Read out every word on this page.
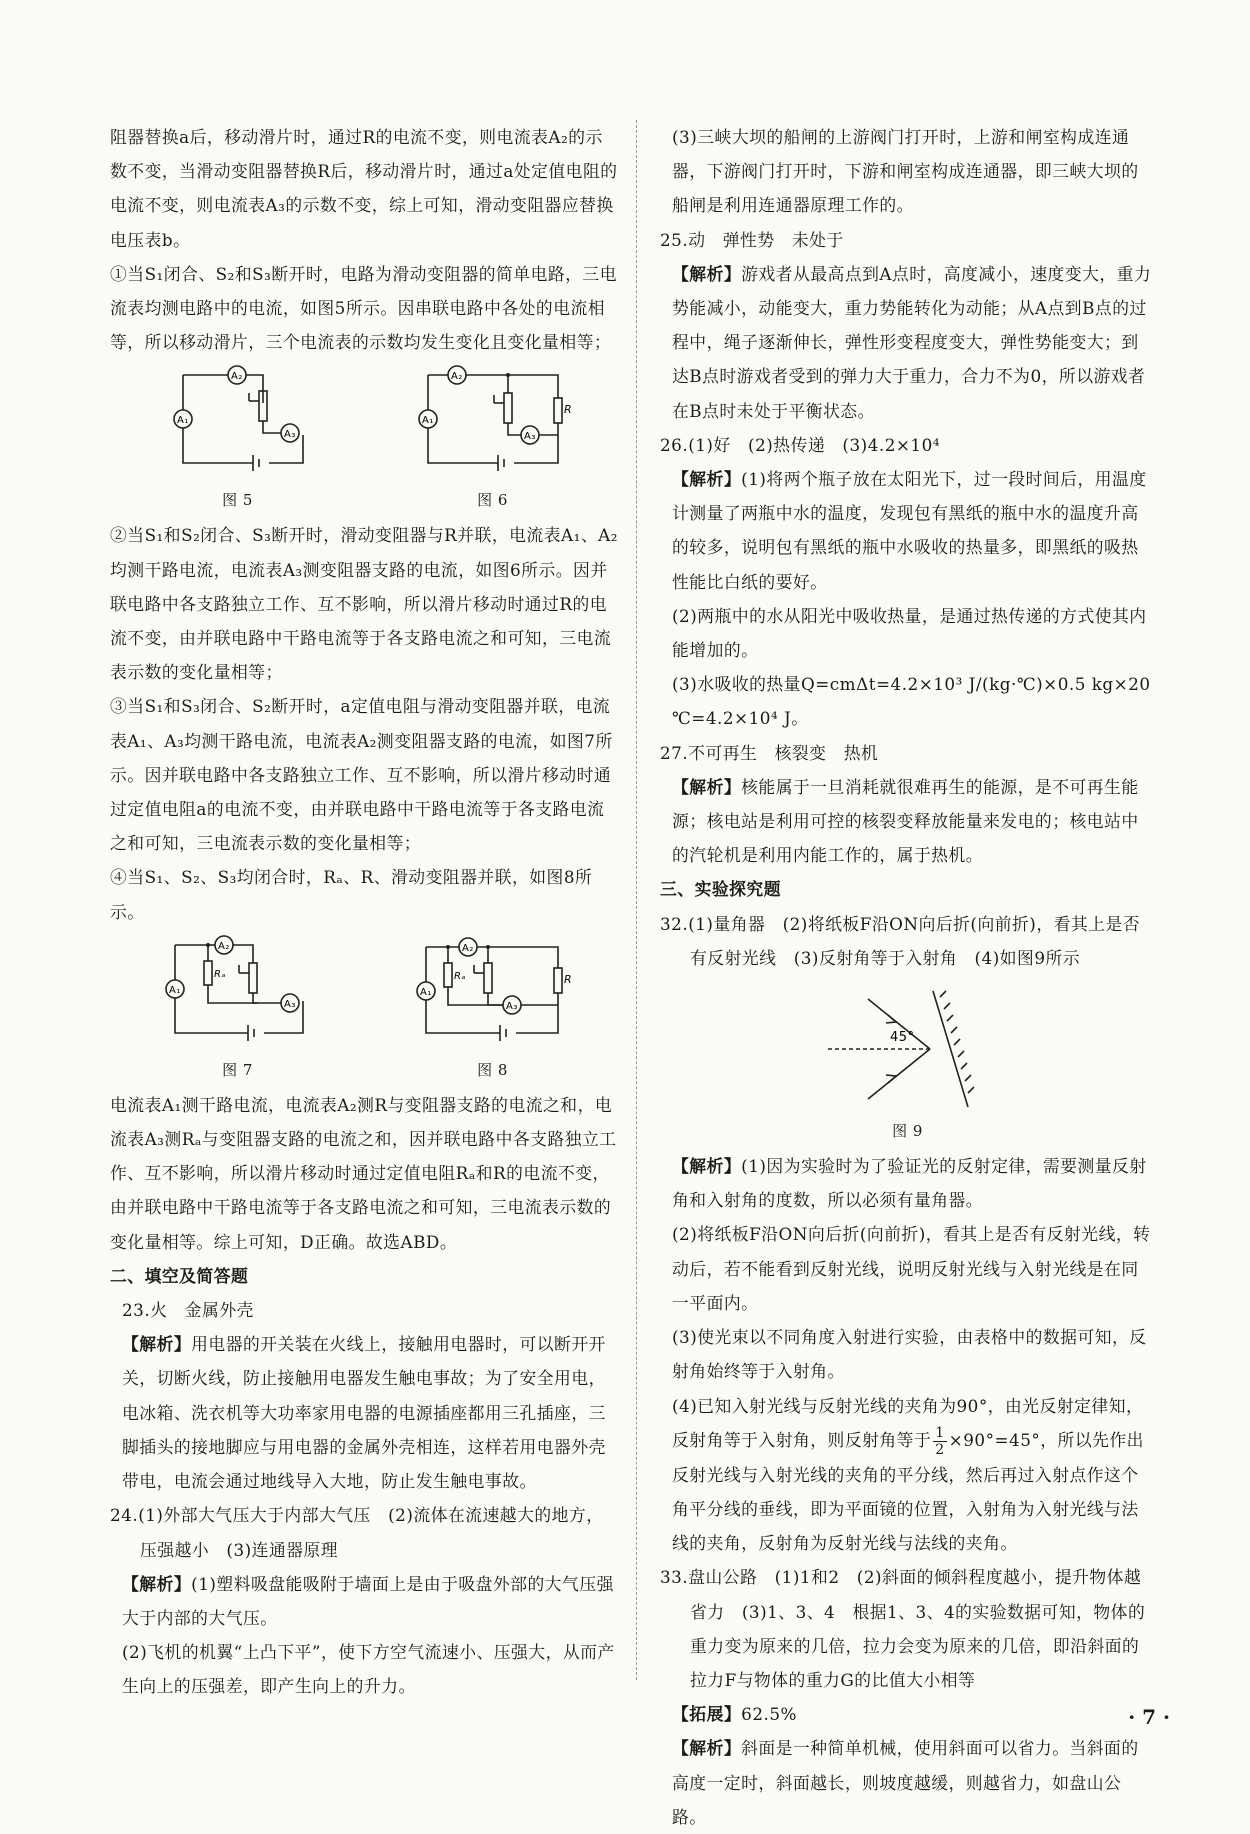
阻器替换a后，移动滑片时，通过R的电流不变，则电流表A₂的示数不变，当滑动变阻器替换R后，移动滑片时，通过a处定值电阻的电流不变，则电流表A₃的示数不变，综上可知，滑动变阻器应替换电压表b。

①当S₁闭合、S₂和S₃断开时，电路为滑动变阻器的简单电路，三电流表均测电路中的电流，如图5所示。因串联电路中各处的电流相等，所以移动滑片，三个电流表的示数均发生变化且变化量相等；

A₁
A₂
A₃
图 5
A₁
A₂
A₃
R
图 6

②当S₁和S₂闭合、S₃断开时，滑动变阻器与R并联，电流表A₁、A₂均测干路电流，电流表A₃测变阻器支路的电流，如图6所示。因并联电路中各支路独立工作、互不影响，所以滑片移动时通过R的电流不变，由并联电路中干路电流等于各支路电流之和可知，三电流表示数的变化量相等；

③当S₁和S₃闭合、S₂断开时，a定值电阻与滑动变阻器并联，电流表A₁、A₃均测干路电流，电流表A₂测变阻器支路的电流，如图7所示。因并联电路中各支路独立工作、互不影响，所以滑片移动时通过定值电阻a的电流不变，由并联电路中干路电流等于各支路电流之和可知，三电流表示数的变化量相等；

④当S₁、S₂、S₃均闭合时，Rₐ、R、滑动变阻器并联，如图8所示。

A₁
A₂
A₃
Rₐ
图 7
A₁
A₂
A₃
Rₐ	R
图 8

电流表A₁测干路电流，电流表A₂测R与变阻器支路的电流之和，电流表A₃测Rₐ与变阻器支路的电流之和，因并联电路中各支路独立工作、互不影响，所以滑片移动时通过定值电阻Rₐ和R的电流不变，由并联电路中干路电流等于各支路电流之和可知，三电流表示数的变化量相等。综上可知，D正确。故选ABD。

二、填空及简答题

23.火　金属外壳

【解析】用电器的开关装在火线上，接触用电器时，可以断开开关，切断火线，防止接触用电器发生触电事故；为了安全用电，电冰箱、洗衣机等大功率家用电器的电源插座都用三孔插座，三脚插头的接地脚应与用电器的金属外壳相连，这样若用电器外壳带电，电流会通过地线导入大地，防止发生触电事故。

24.(1)外部大气压大于内部大气压　(2)流体在流速越大的地方，压强越小　(3)连通器原理

【解析】(1)塑料吸盘能吸附于墙面上是由于吸盘外部的大气压强大于内部的大气压。

(2)飞机的机翼“上凸下平”，使下方空气流速小、压强大，从而产生向上的压强差，即产生向上的升力。

(3)三峡大坝的船闸的上游阀门打开时，上游和闸室构成连通器，下游阀门打开时，下游和闸室构成连通器，即三峡大坝的船闸是利用连通器原理工作的。

25.动　弹性势　未处于

【解析】游戏者从最高点到A点时，高度减小，速度变大，重力势能减小，动能变大，重力势能转化为动能；从A点到B点的过程中，绳子逐渐伸长，弹性形变程度变大，弹性势能变大；到达B点时游戏者受到的弹力大于重力，合力不为0，所以游戏者在B点时未处于平衡状态。

26.(1)好　(2)热传递　(3)4.2×10⁴

【解析】(1)将两个瓶子放在太阳光下，过一段时间后，用温度计测量了两瓶中水的温度，发现包有黑纸的瓶中水的温度升高的较多，说明包有黑纸的瓶中水吸收的热量多，即黑纸的吸热性能比白纸的要好。

(2)两瓶中的水从阳光中吸收热量，是通过热传递的方式使其内能增加的。

(3)水吸收的热量Q=cmΔt=4.2×10³ J/(kg·℃)×0.5 kg×20 ℃=4.2×10⁴ J。

27.不可再生　核裂变　热机

【解析】核能属于一旦消耗就很难再生的能源，是不可再生能源；核电站是利用可控的核裂变释放能量来发电的；核电站中的汽轮机是利用内能工作的，属于热机。

三、实验探究题

32.(1)量角器　(2)将纸板F沿ON向后折(向前折)，看其上是否有反射光线　(3)反射角等于入射角　(4)如图9所示

45°
图 9

【解析】(1)因为实验时为了验证光的反射定律，需要测量反射角和入射角的度数，所以必须有量角器。

(2)将纸板F沿ON向后折(向前折)，看其上是否有反射光线，转动后，若不能看到反射光线，说明反射光线与入射光线是在同一平面内。

(3)使光束以不同角度入射进行实验，由表格中的数据可知，反射角始终等于入射角。

(4)已知入射光线与反射光线的夹角为90°，由光反射定律知，反射角等于入射角，则反射角等于 $\frac{1}{2} \times 90^\circ=45^\circ$，所以先作出反射光线与入射光线的夹角的平分线，然后再过入射点作这个角平分线的垂线，即为平面镜的位置，入射角为入射光线与法线的夹角，反射角为反射光线与法线的夹角。

33.盘山公路　(1)1和2　(2)斜面的倾斜程度越小，提升物体越省力　(3)1、3、4　根据1、3、4的实验数据可知，物体的重力变为原来的几倍，拉力会变为原来的几倍，即沿斜面的拉力F与物体的重力G的比值大小相等

【拓展】62.5%

【解析】斜面是一种简单机械，使用斜面可以省力。当斜面的高度一定时，斜面越长，则坡度越缓，则越省力，如盘山公路。

· 7 ·
